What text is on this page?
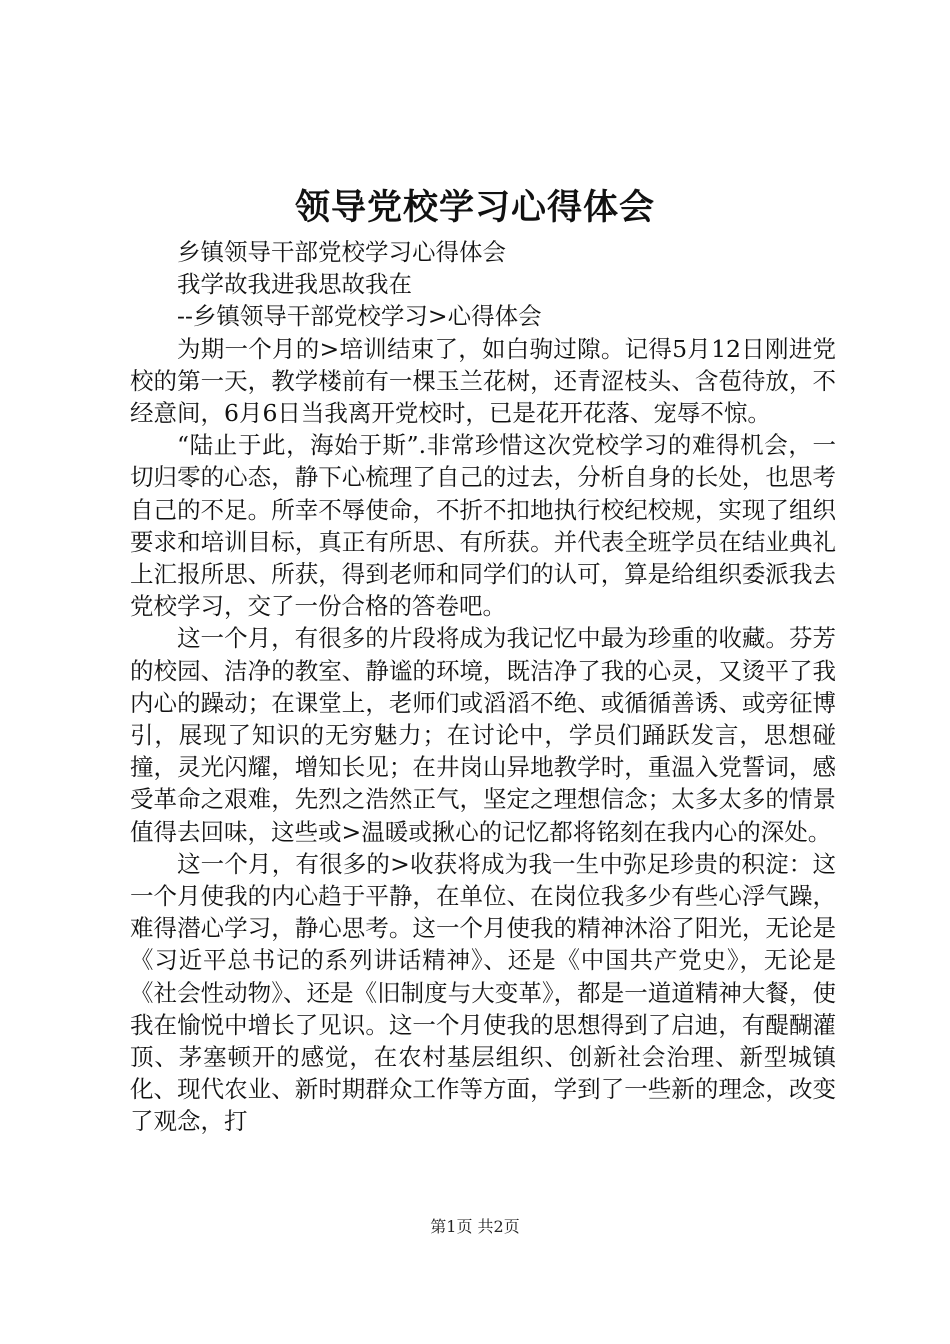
领导党校学习心得体会

乡镇领导干部党校学习心得体会

我学故我进我思故我在

--乡镇领导干部党校学习>心得体会

为期一个月的>培训结束了，如白驹过隙。记得5月12日刚进党校的第一天，教学楼前有一棵玉兰花树，还青涩枝头、含苞待放，不经意间，6月6日当我离开党校时，已是花开花落、宠辱不惊。

“陆止于此，海始于斯”.非常珍惜这次党校学习的难得机会，一切归零的心态，静下心梳理了自己的过去，分析自身的长处，也思考自己的不足。所幸不辱使命，不折不扣地执行校纪校规，实现了组织要求和培训目标，真正有所思、有所获。并代表全班学员在结业典礼上汇报所思、所获，得到老师和同学们的认可，算是给组织委派我去党校学习，交了一份合格的答卷吧。

这一个月，有很多的片段将成为我记忆中最为珍重的收藏。芬芳的校园、洁净的教室、静谧的环境，既洁净了我的心灵，又烫平了我内心的躁动；在课堂上，老师们或滔滔不绝、或循循善诱、或旁征博引，展现了知识的无穷魅力；在讨论中，学员们踊跃发言，思想碰撞，灵光闪耀，增知长见；在井岗山异地教学时，重温入党誓词，感受革命之艰难，先烈之浩然正气，坚定之理想信念；太多太多的情景值得去回味，这些或>温暖或揪心的记忆都将铭刻在我内心的深处。

这一个月，有很多的>收获将成为我一生中弥足珍贵的积淀：这一个月使我的内心趋于平静，在单位、在岗位我多少有些心浮气躁，难得潜心学习，静心思考。这一个月使我的精神沐浴了阳光，无论是《习近平总书记的系列讲话精神》、还是《中国共产党史》，无论是《社会性动物》、还是《旧制度与大变革》，都是一道道精神大餐，使我在愉悦中增长了见识。这一个月使我的思想得到了启迪，有醍醐灌顶、茅塞顿开的感觉，在农村基层组织、创新社会治理、新型城镇化、现代农业、新时期群众工作等方面，学到了一些新的理念，改变了观念，打

第1页 共2页
